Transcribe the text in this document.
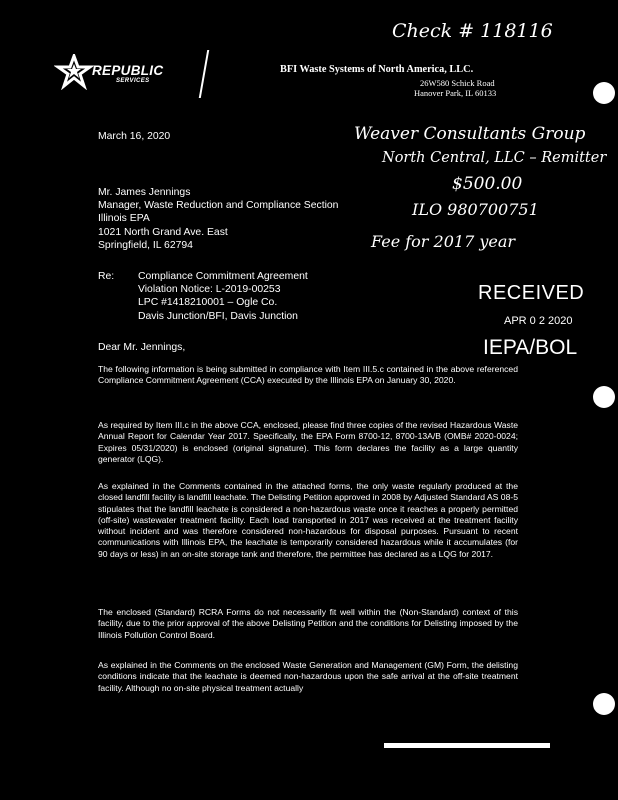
Check # 118116
Weaver Consultants Group
North Central, LLC – Remitter
$500.00
ILO 980700751
Fee for 2017 year
REPUBLIC
SERVICES
BFI Waste Systems of North America, LLC.
26W580 Schick Road
Hanover Park, IL 60133
March 16, 2020
Mr. James Jennings
Manager, Waste Reduction and Compliance Section
Illinois EPA
1021 North Grand Ave. East
Springfield, IL 62794
Re: Compliance Commitment Agreement
Violation Notice: L-2019-00253
LPC #1418210001 – Ogle Co.
Davis Junction/BFI, Davis Junction
RECEIVED
APR 0 2 2020
IEPA/BOL
Dear Mr. Jennings,
The following information is being submitted in compliance with Item III.5.c contained in the above referenced Compliance Commitment Agreement (CCA) executed by the Illinois EPA on January 30, 2020.
As required by Item III.c in the above CCA, enclosed, please find three copies of the revised Hazardous Waste Annual Report for Calendar Year 2017. Specifically, the EPA Form 8700-12, 8700-13A/B (OMB# 2020-0024; Expires 05/31/2020) is enclosed (original signature). This form declares the facility as a large quantity generator (LQG).
As explained in the Comments contained in the attached forms, the only waste regularly produced at the closed landfill facility is landfill leachate. The Delisting Petition approved in 2008 by Adjusted Standard AS 08-5 stipulates that the landfill leachate is considered a non-hazardous waste once it reaches a properly permitted (off-site) wastewater treatment facility. Each load transported in 2017 was received at the treatment facility without incident and was therefore considered non-hazardous for disposal purposes. Pursuant to recent communications with Illinois EPA, the leachate is temporarily considered hazardous while it accumulates (for 90 days or less) in an on-site storage tank and therefore, the permittee has declared as a LQG for 2017.
The enclosed (Standard) RCRA Forms do not necessarily fit well within the (Non-Standard) context of this facility, due to the prior approval of the above Delisting Petition and the conditions for Delisting imposed by the Illinois Pollution Control Board.
As explained in the Comments on the enclosed Waste Generation and Management (GM) Form, the delisting conditions indicate that the leachate is deemed non-hazardous upon the safe arrival at the off-site treatment facility. Although no on-site physical treatment actually
